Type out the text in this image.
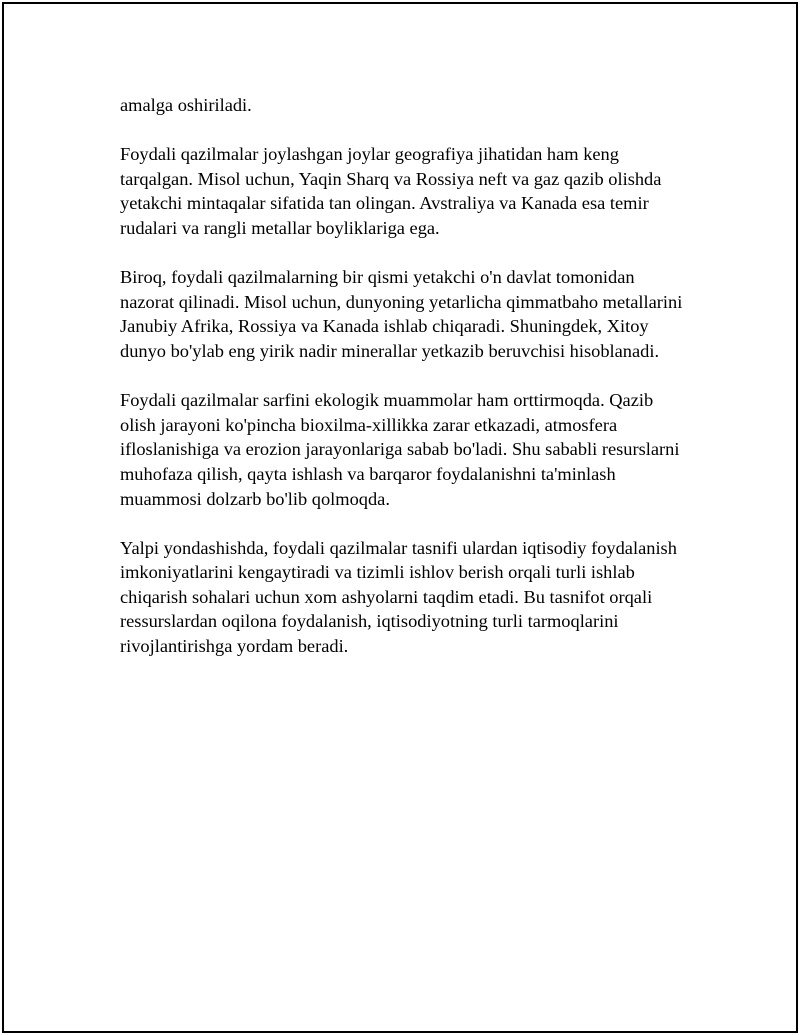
amalga oshiriladi.

Foydali qazilmalar joylashgan joylar geografiya jihatidan ham keng tarqalgan. Misol uchun, Yaqin Sharq va Rossiya neft va gaz qazib olishda yetakchi mintaqalar sifatida tan olingan. Avstraliya va Kanada esa temir rudalari va rangli metallar boyliklariga ega.

Biroq, foydali qazilmalarning bir qismi yetakchi o'n davlat tomonidan nazorat qilinadi. Misol uchun, dunyoning yetarlicha qimmatbaho metallarini Janubiy Afrika, Rossiya va Kanada ishlab chiqaradi. Shuningdek, Xitoy dunyo bo'ylab eng yirik nadir minerallar yetkazib beruvchisi hisoblanadi.

Foydali qazilmalar sarfini ekologik muammolar ham orttirmoqda. Qazib olish jarayoni ko'pincha bioxilma-xillikka zarar etkazadi, atmosfera ifloslanishiga va erozion jarayonlariga sabab bo'ladi. Shu sababli resurslarni muhofaza qilish, qayta ishlash va barqaror foydalanishni ta'minlash muammosi dolzarb bo'lib qolmoqda.

Yalpi yondashishda, foydali qazilmalar tasnifi ulardan iqtisodiy foydalanish imkoniyatlarini kengaytiradi va tizimli ishlov berish orqali turli ishlab chiqarish sohalari uchun xom ashyolarni taqdim etadi. Bu tasnifot orqali ressurslardan oqilona foydalanish, iqtisodiyotning turli tarmoqlarini rivojlantirishga yordam beradi.
